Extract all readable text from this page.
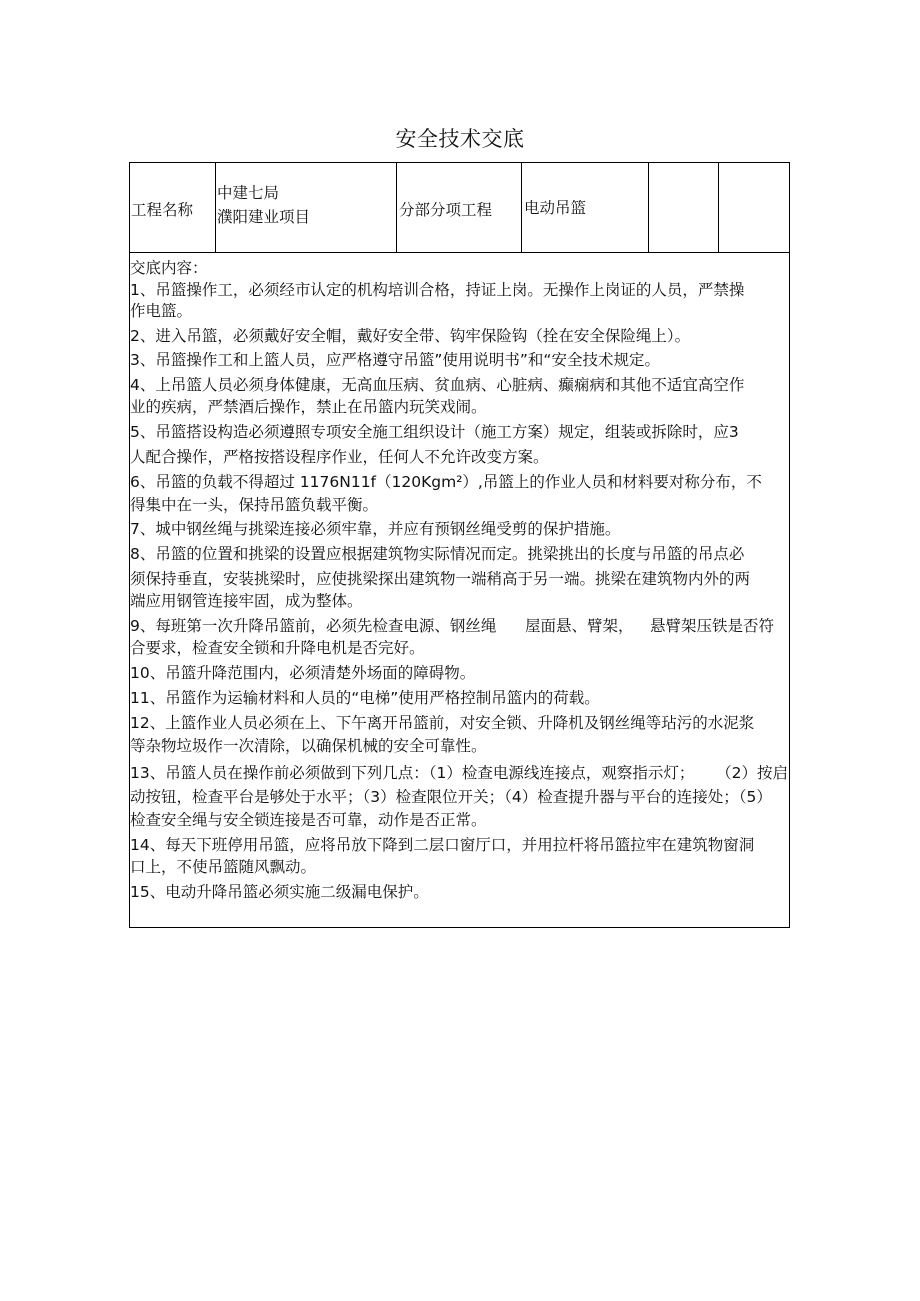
安全技术交底
工程名称
中建七局
濮阳建业项目	分部分项工程 电动吊篮
交底内容：
1、吊篮操作工，必须经市认定的机构培训合格，持证上岗。无操作上岗证的人员，严禁操
作电篮。
2、进入吊篮，必须戴好安全帽，戴好安全带、钩牢保险钩（拴在安全保险绳上）。
3、吊篮操作工和上篮人员，应严格遵守吊篮”使用说明书”和“安全技术规定。
4、上吊篮人员必须身体健康，无高血压病、贫血病、心脏病、癫痫病和其他不适宜高空作
业的疾病，严禁酒后操作，禁止在吊篮内玩笑戏闹。
5、吊篮搭设构造必须遵照专项安全施工组织设计（施工方案）规定，组装或拆除时，应3
人配合操作，严格按搭设程序作业，任何人不允许改变方案。
6、吊篮的负载不得超过 1176N11f（120Kgm²）,吊篮上的作业人员和材料要对称分布，不
得集中在一头，保持吊篮负载平衡。
7、城中钢丝绳与挑梁连接必须牢靠，并应有预钢丝绳受剪的保护措施。
8、吊篮的位置和挑梁的设置应根据建筑物实际情况而定。挑梁挑出的长度与吊篮的吊点必
须保持垂直，安装挑梁时，应使挑梁探出建筑物一端稍高于另一端。挑梁在建筑物内外的两
端应用钢管连接牢固，成为整体。
9、每班第一次升降吊篮前，必须先检查电源、钢丝绳 屋面悬、臂架， 悬臂架压铁是否符
合要求，检查安全锁和升降电机是否完好。
10、吊篮升降范围内，必须清楚外场面的障碍物。
11、吊篮作为运输材料和人员的“电梯”使用严格控制吊篮内的荷载。
12、上篮作业人员必须在上、下午离开吊篮前，对安全锁、升降机及钢丝绳等玷污的水泥浆
等杂物垃圾作一次清除，以确保机械的安全可靠性。
13、吊篮人员在操作前必须做到下列几点：（1）检查电源线连接点，观察指示灯； （2）按启
动按钮，检查平台是够处于水平；（3）检查限位开关；（4）检查提升器与平台的连接处；（5）
检查安全绳与安全锁连接是否可靠，动作是否正常。
14、每天下班停用吊篮，应将吊放下降到二层口窗厅口，并用拉杆将吊篮拉牢在建筑物窗洞
口上，不使吊篮随风飘动。
15、电动升降吊篮必须实施二级漏电保护。
